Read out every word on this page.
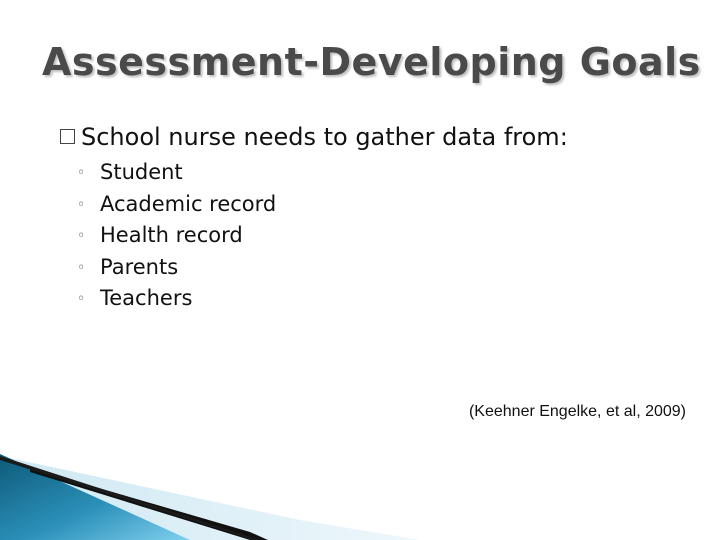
Assessment-Developing Goals
School nurse needs to gather data from:
◦ Student
◦ Academic record
◦ Health record
◦ Parents
◦ Teachers
(Keehner Engelke, et al, 2009)
